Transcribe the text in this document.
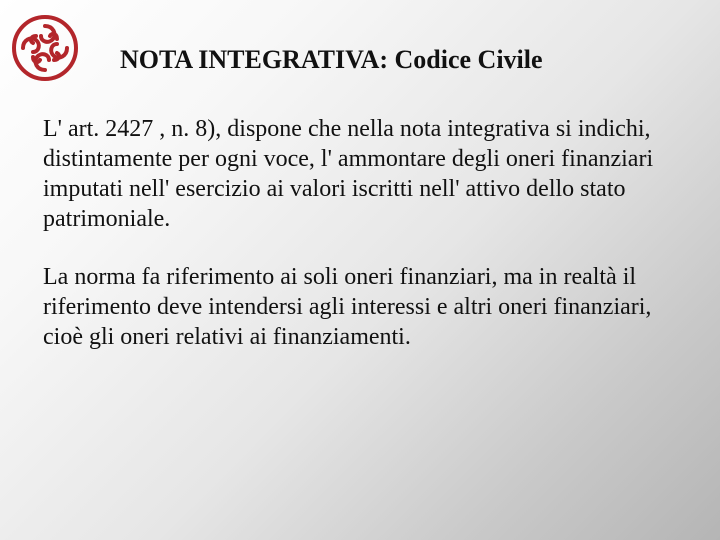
NOTA INTEGRATIVA: Codice Civile

L' art. 2427 , n. 8), dispone che nella nota integrativa si indichi, distintamente per ogni voce, l' ammontare degli oneri finanziari imputati nell' esercizio ai valori iscritti nell' attivo dello stato patrimoniale.

La norma fa riferimento ai soli oneri finanziari, ma in realtà il riferimento deve intendersi agli interessi e altri oneri finanziari, cioè gli oneri relativi ai finanziamenti.
